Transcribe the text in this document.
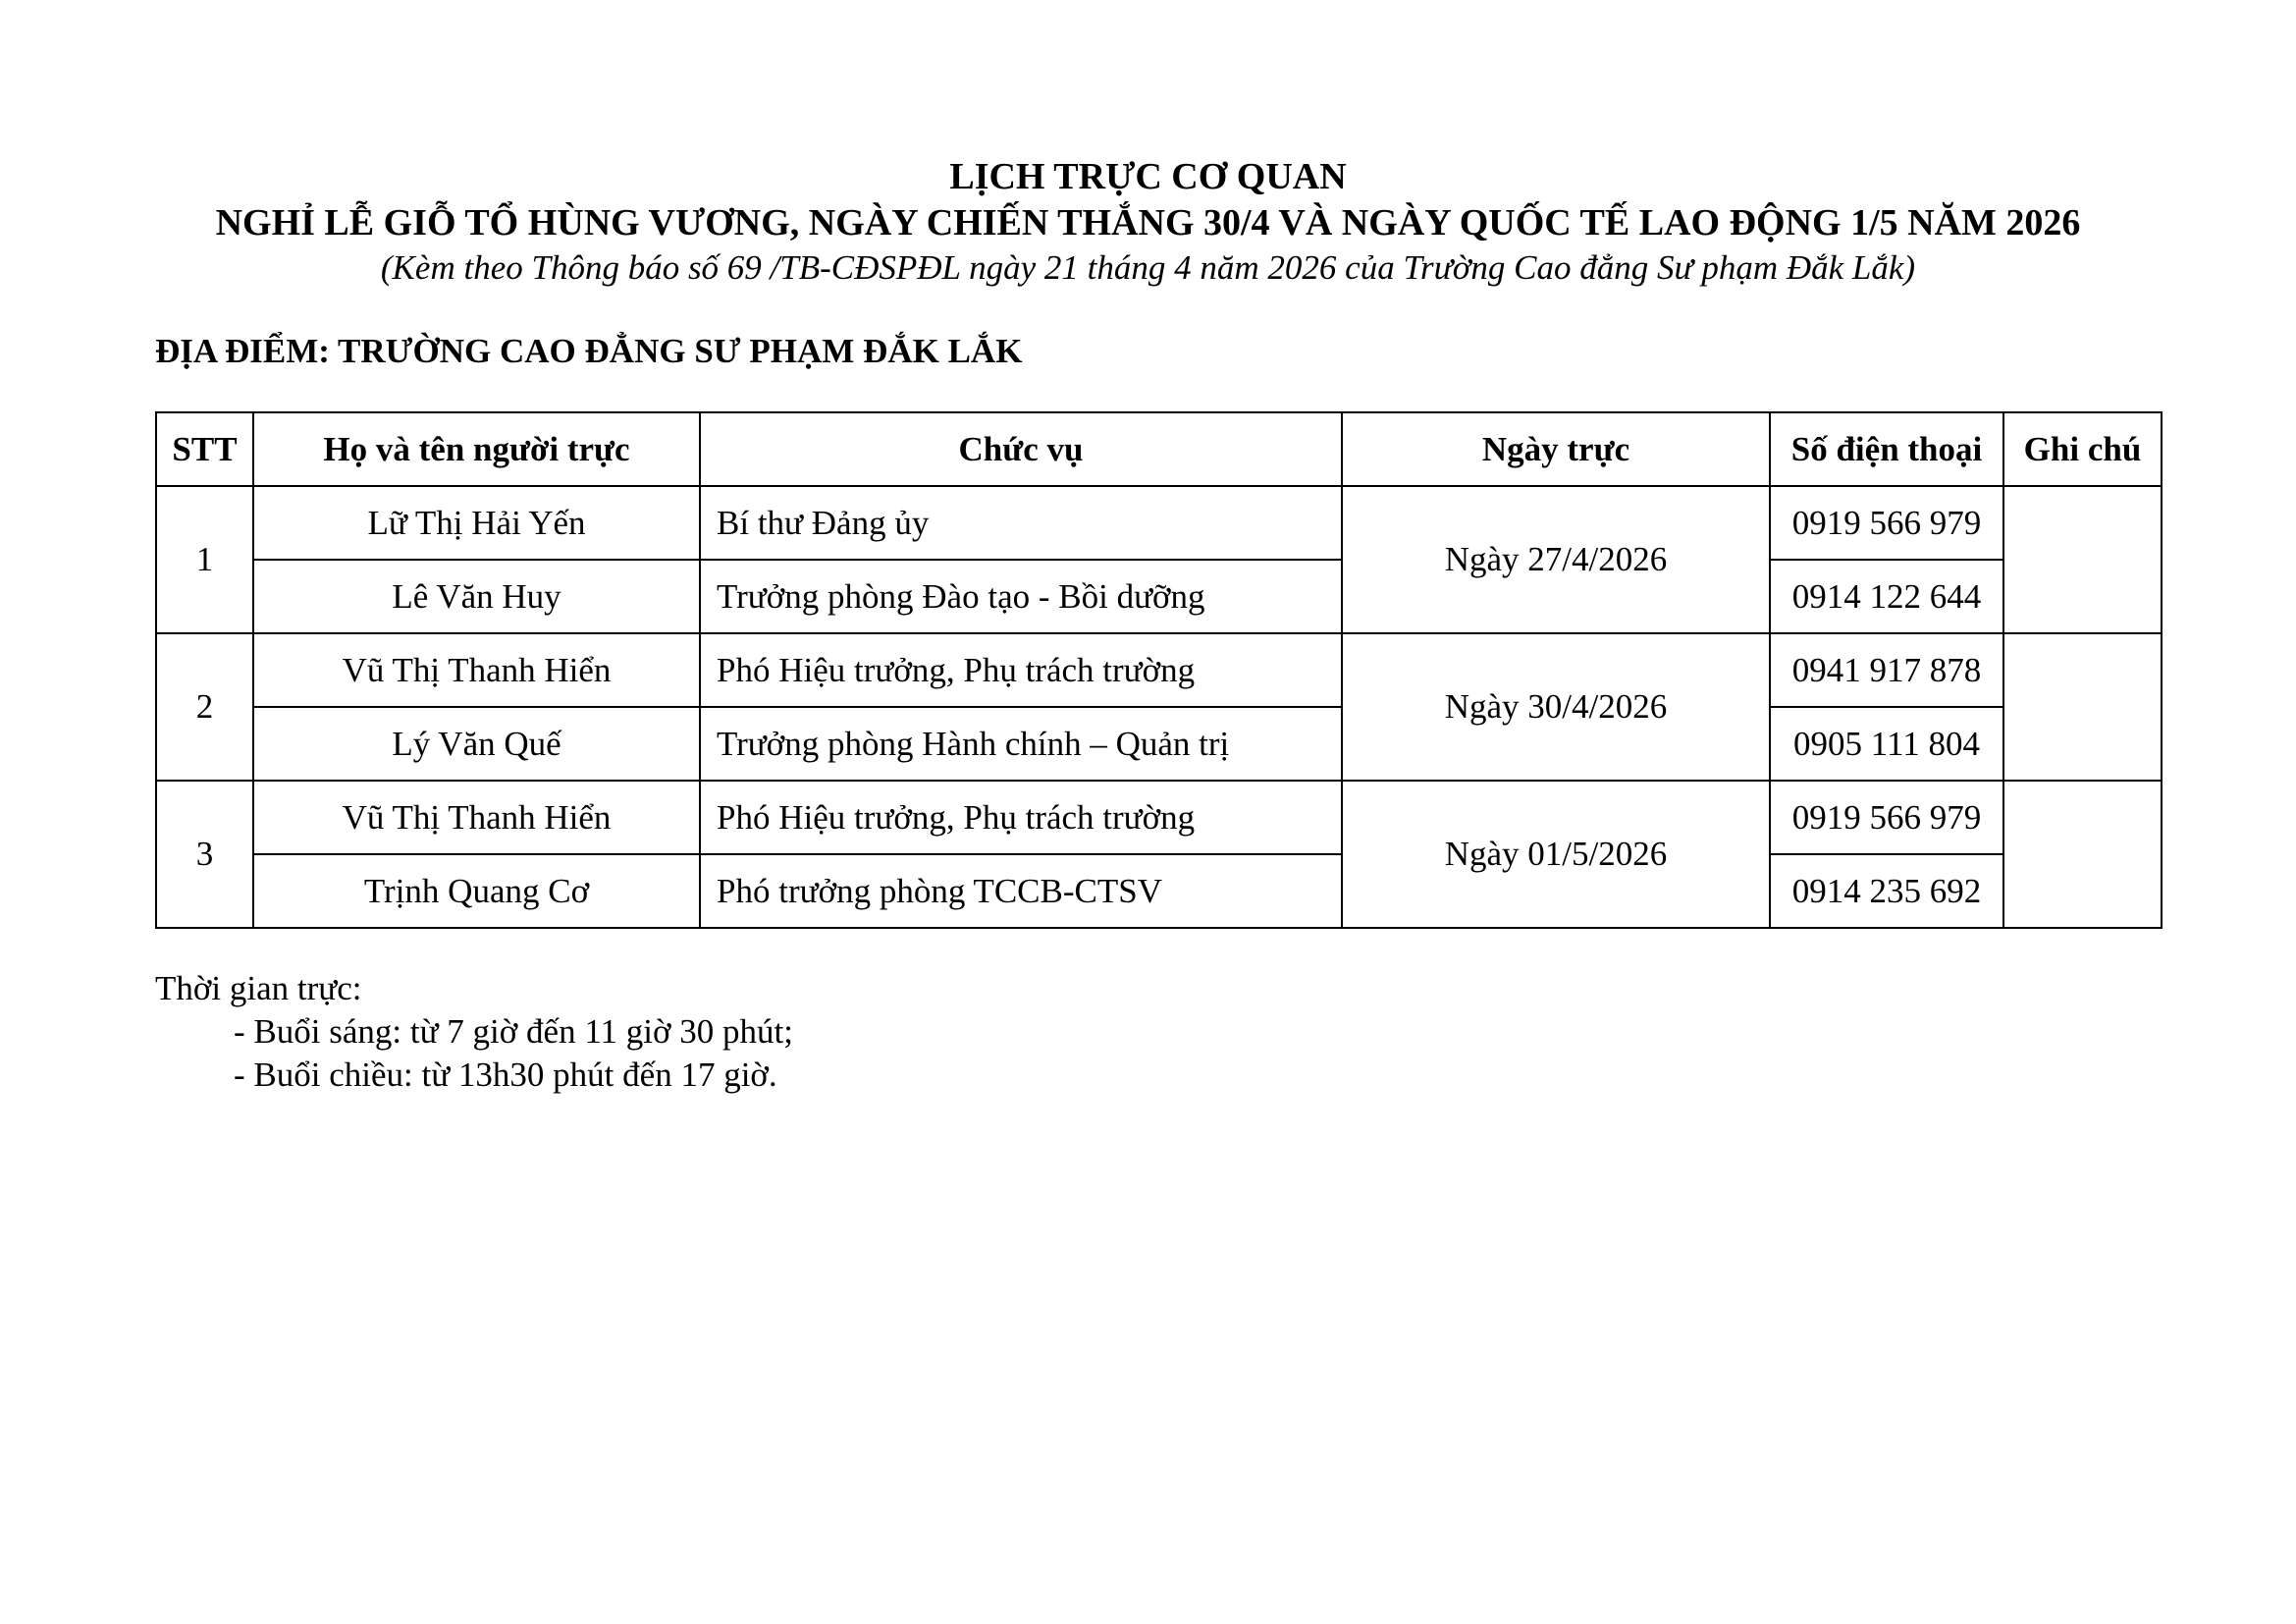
LỊCH TRỰC CƠ QUAN
NGHỈ LỄ GIỖ TỔ HÙNG VƯƠNG, NGÀY CHIẾN THẮNG 30/4 VÀ NGÀY QUỐC TẾ LAO ĐỘNG 1/5 NĂM 2026
(Kèm theo Thông báo số 69 /TB-CĐSPĐL ngày 21 tháng 4 năm 2026 của Trường Cao đẳng Sư phạm Đắk Lắk)
ĐỊA ĐIỂM: TRƯỜNG CAO ĐẲNG SƯ PHẠM ĐẮK LẮK
STT	Họ và tên người trực	Chức vụ	Ngày trực	Số điện thoại	Ghi chú
1	Lữ Thị Hải Yến	Bí thư Đảng ủy	Ngày 27/4/2026	0919 566 979	
	Lê Văn Huy	Trưởng phòng Đào tạo - Bồi dưỡng		0914 122 644	
2	Vũ Thị Thanh Hiển	Phó Hiệu trưởng, Phụ trách trường	Ngày 30/4/2026	0941 917 878	
	Lý Văn Quế	Trưởng phòng Hành chính – Quản trị		0905 111 804	
3	Vũ Thị Thanh Hiển	Phó Hiệu trưởng, Phụ trách trường	Ngày 01/5/2026	0919 566 979	
	Trịnh Quang Cơ	Phó trưởng phòng TCCB-CTSV		0914 235 692	
Thời gian trực:
- Buổi sáng: từ 7 giờ đến 11 giờ 30 phút;
- Buổi chiều: từ 13h30 phút đến 17 giờ.
